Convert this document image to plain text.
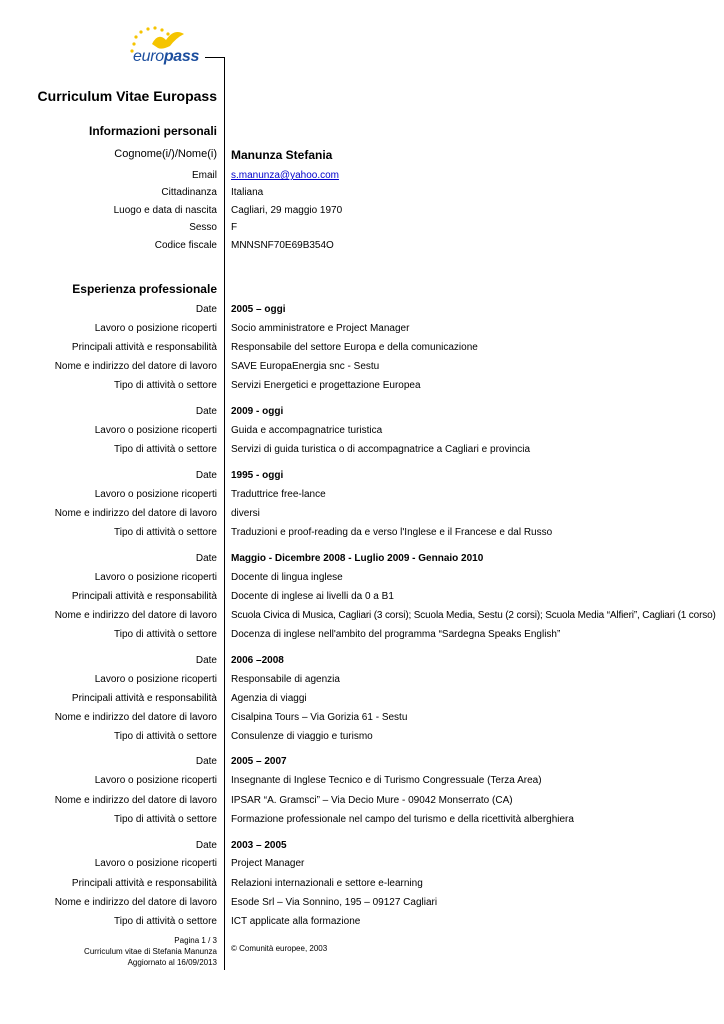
europass
Curriculum Vitae Europass
Informazioni personali
Cognome(i/)/Nome(i) Manunza Stefania
Email s.manunza@yahoo.com
Cittadinanza Italiana
Luogo e data di nascita Cagliari, 29 maggio 1970
Sesso F
Codice fiscale MNNSNF70E69B354O
Esperienza professionale
Date 2005 – oggi
Lavoro o posizione ricoperti Socio amministratore e Project Manager
Principali attività e responsabilità Responsabile del settore Europa e della comunicazione
Nome e indirizzo del datore di lavoro SAVE EuropaEnergia snc - Sestu
Tipo di attività o settore Servizi Energetici e progettazione Europea
Date 2009 - oggi
Lavoro o posizione ricoperti Guida e accompagnatrice turistica
Tipo di attività o settore Servizi di guida turistica o di accompagnatrice a Cagliari e provincia
Date 1995 - oggi
Lavoro o posizione ricoperti Traduttrice free-lance
Nome e indirizzo del datore di lavoro diversi
Tipo di attività o settore Traduzioni e proof-reading da e verso l'Inglese e il Francese e dal Russo
Date Maggio - Dicembre 2008 - Luglio 2009 - Gennaio 2010
Lavoro o posizione ricoperti Docente di lingua inglese
Principali attività e responsabilità Docente di inglese ai livelli da 0 a B1
Nome e indirizzo del datore di lavoro Scuola Civica di Musica, Cagliari (3 corsi); Scuola Media, Sestu (2 corsi); Scuola Media “Alfieri”, Cagliari (1 corso)
Tipo di attività o settore Docenza di inglese nell'ambito del programma “Sardegna Speaks English”
Date 2006 –2008
Lavoro o posizione ricoperti Responsabile di agenzia
Principali attività e responsabilità Agenzia di viaggi
Nome e indirizzo del datore di lavoro Cisalpina Tours – Via Gorizia 61 - Sestu
Tipo di attività o settore Consulenze di viaggio e turismo
Date 2005 – 2007
Lavoro o posizione ricoperti Insegnante di Inglese Tecnico e di Turismo Congressuale (Terza Area)
Nome e indirizzo del datore di lavoro IPSAR “A. Gramsci” – Via Decio Mure - 09042 Monserrato (CA)
Tipo di attività o settore Formazione professionale nel campo del turismo e della ricettività alberghiera
Date 2003 – 2005
Lavoro o posizione ricoperti Project Manager
Principali attività e responsabilità Relazioni internazionali e settore e-learning
Nome e indirizzo del datore di lavoro Esode Srl – Via Sonnino, 195 – 09127 Cagliari
Tipo di attività o settore ICT applicate alla formazione
Pagina 1 / 3
Curriculum vitae di Stefania Manunza
Aggiornato al 16/09/2013
© Comunità europee, 2003
